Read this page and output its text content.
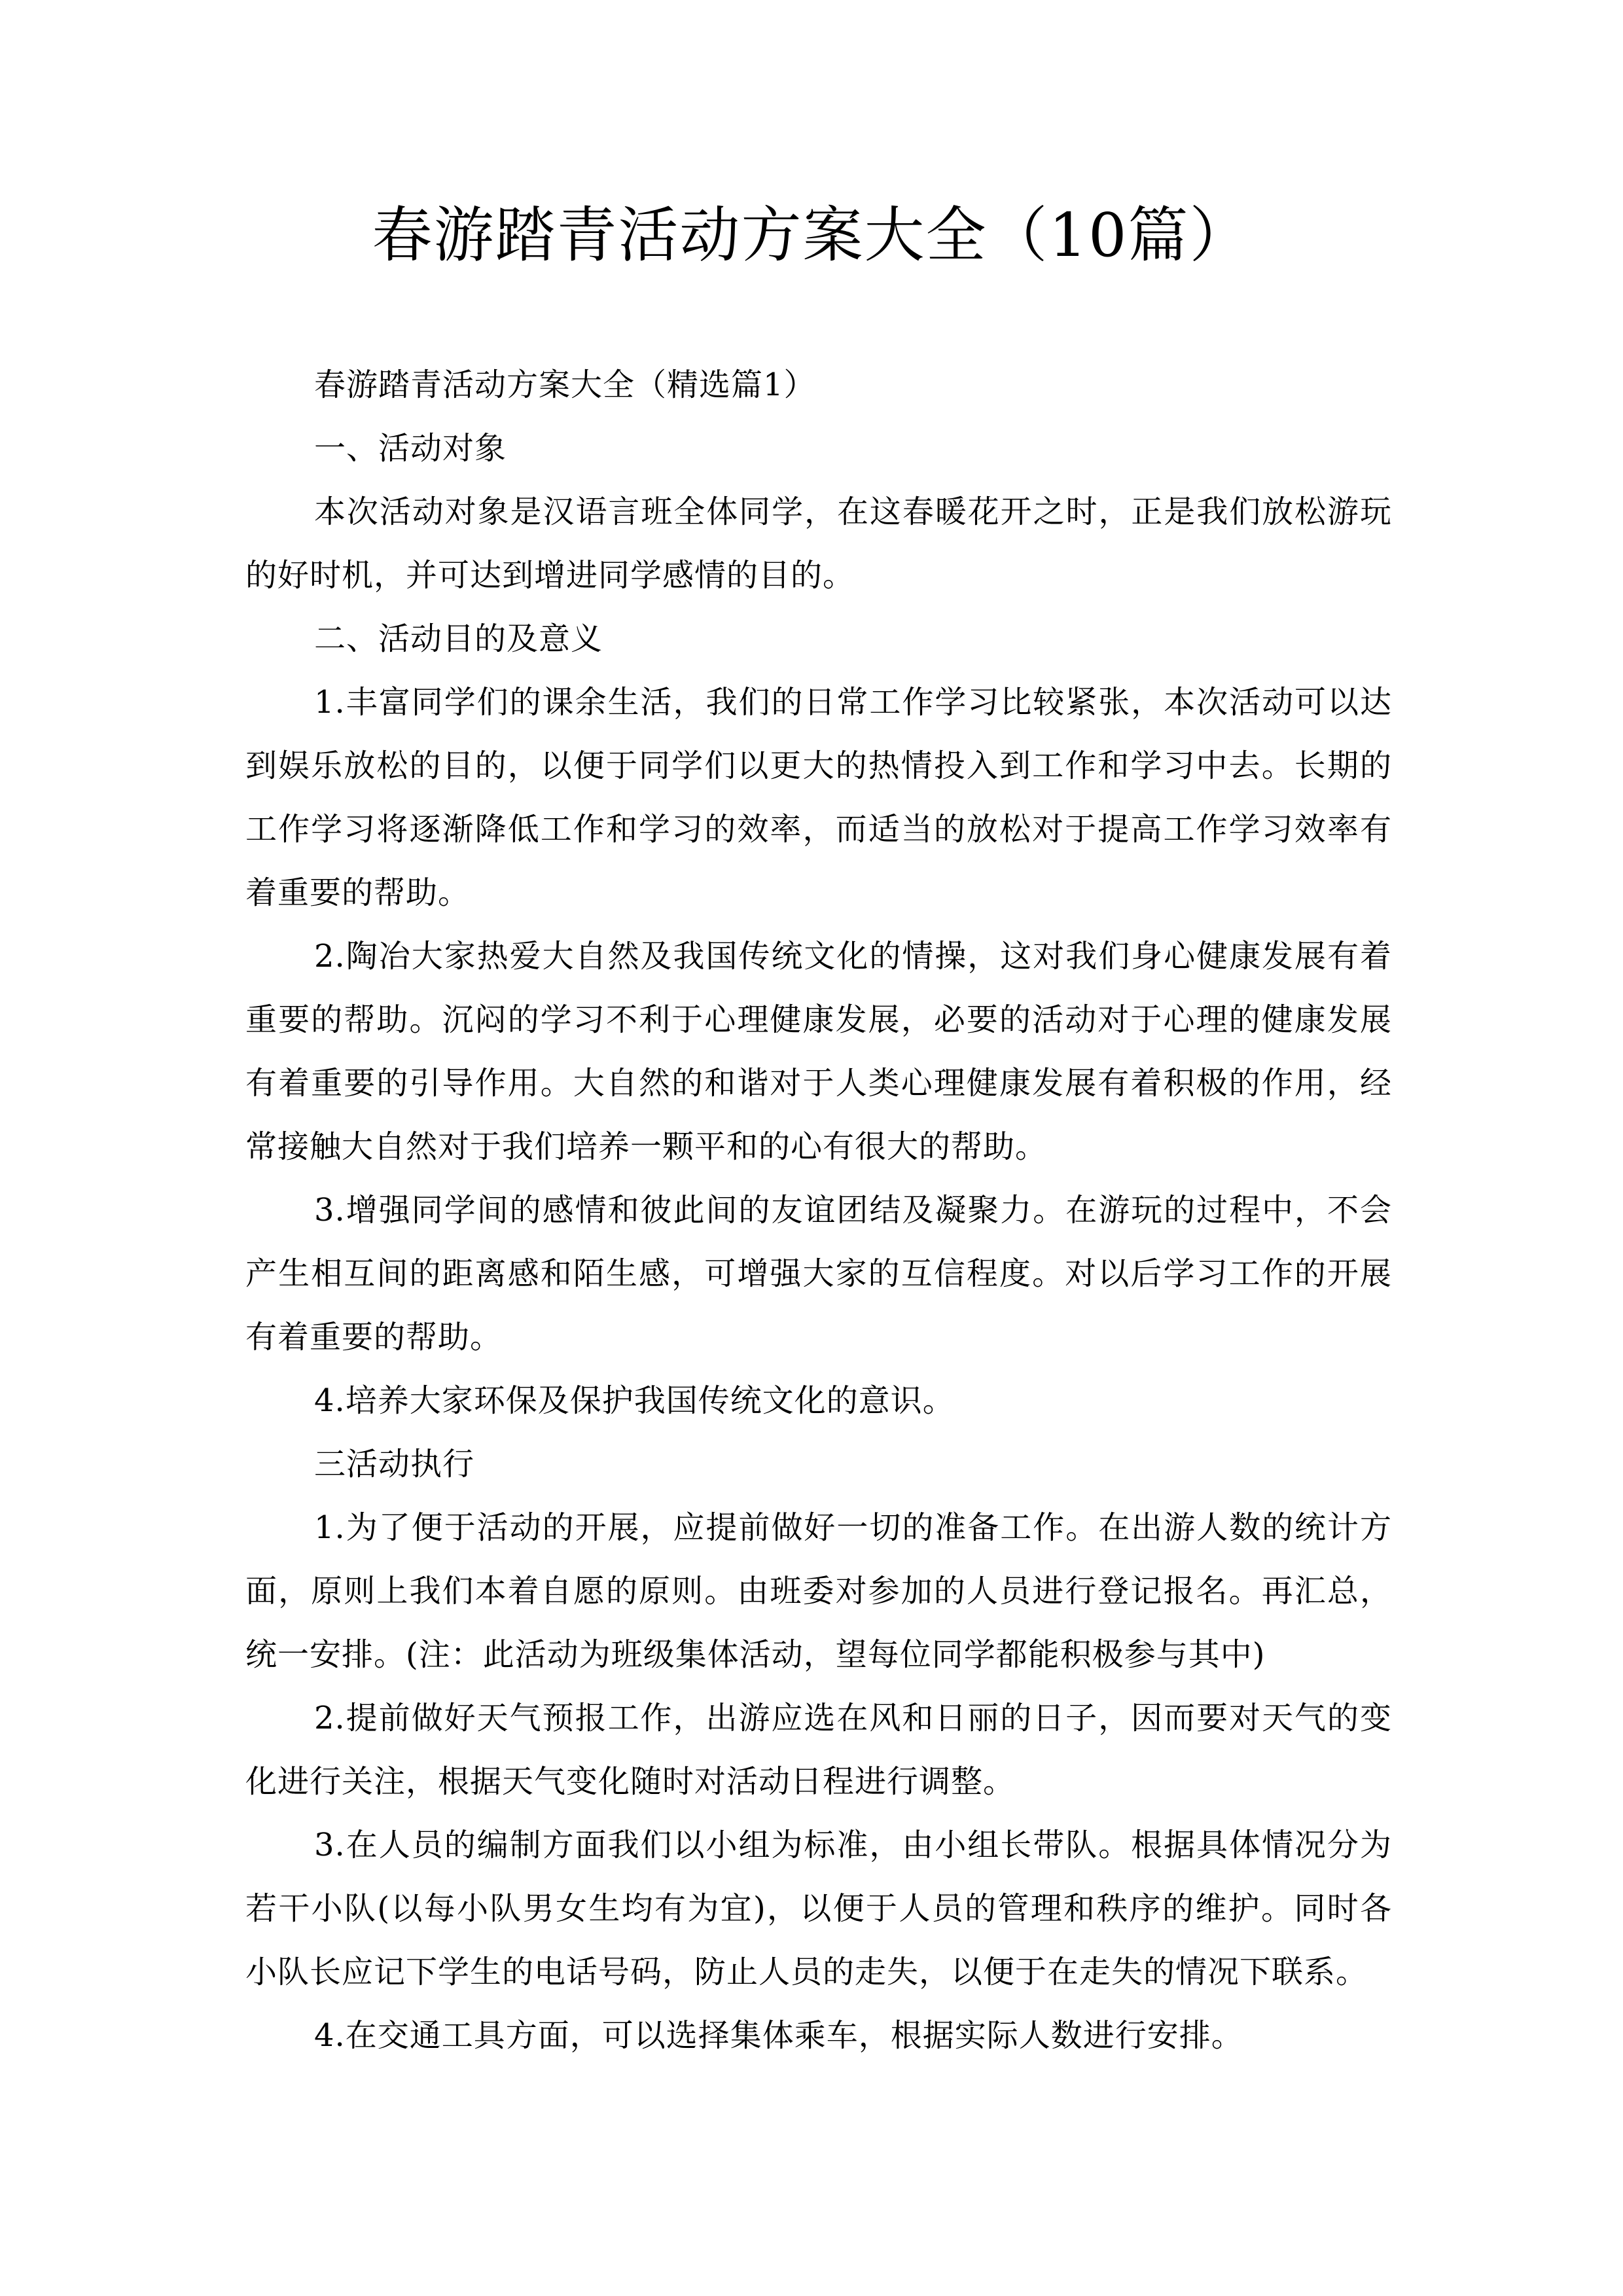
春游踏青活动方案大全（10篇）

春游踏青活动方案大全（精选篇1）

一、活动对象

本次活动对象是汉语言班全体同学，在这春暖花开之时，正是我们放松游玩的好时机，并可达到增进同学感情的目的。

二、活动目的及意义

1.丰富同学们的课余生活，我们的日常工作学习比较紧张，本次活动可以达到娱乐放松的目的，以便于同学们以更大的热情投入到工作和学习中去。长期的工作学习将逐渐降低工作和学习的效率，而适当的放松对于提高工作学习效率有着重要的帮助。

2.陶冶大家热爱大自然及我国传统文化的情操，这对我们身心健康发展有着重要的帮助。沉闷的学习不利于心理健康发展，必要的活动对于心理的健康发展有着重要的引导作用。大自然的和谐对于人类心理健康发展有着积极的作用，经常接触大自然对于我们培养一颗平和的心有很大的帮助。

3.增强同学间的感情和彼此间的友谊团结及凝聚力。在游玩的过程中，不会产生相互间的距离感和陌生感，可增强大家的互信程度。对以后学习工作的开展有着重要的帮助。

4.培养大家环保及保护我国传统文化的意识。

三活动执行

1.为了便于活动的开展，应提前做好一切的准备工作。在出游人数的统计方面，原则上我们本着自愿的原则。由班委对参加的人员进行登记报名。再汇总，统一安排。(注：此活动为班级集体活动，望每位同学都能积极参与其中)

2.提前做好天气预报工作，出游应选在风和日丽的日子，因而要对天气的变化进行关注，根据天气变化随时对活动日程进行调整。

3.在人员的编制方面我们以小组为标准，由小组长带队。根据具体情况分为若干小队(以每小队男女生均有为宜)，以便于人员的管理和秩序的维护。同时各小队长应记下学生的电话号码，防止人员的走失，以便于在走失的情况下联系。

4.在交通工具方面，可以选择集体乘车，根据实际人数进行安排。
